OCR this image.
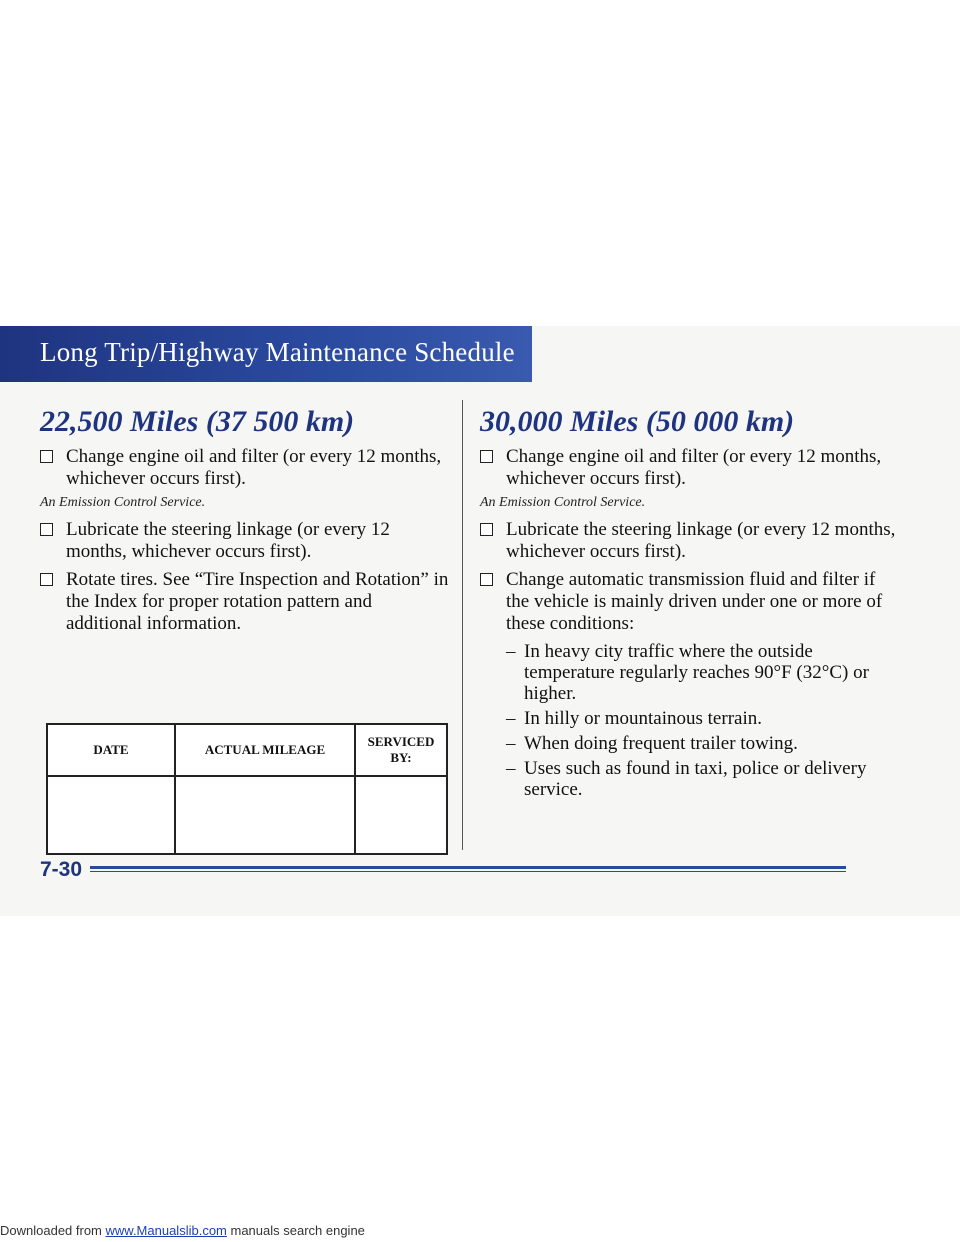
Long Trip/Highway Maintenance Schedule
22,500 Miles (37 500 km)
Change engine oil and filter (or every 12 months, whichever occurs first).
An Emission Control Service.
Lubricate the steering linkage (or every 12 months, whichever occurs first).
Rotate tires. See “Tire Inspection and Rotation” in the Index for proper rotation pattern and additional information.
DATE	ACTUAL MILEAGE	SERVICED BY:

30,000 Miles (50 000 km)
Change engine oil and filter (or every 12 months, whichever occurs first).
An Emission Control Service.
Lubricate the steering linkage (or every 12 months, whichever occurs first).
Change automatic transmission fluid and filter if the vehicle is mainly driven under one or more of these conditions:
– In heavy city traffic where the outside temperature regularly reaches 90°F (32°C) or higher.
– In hilly or mountainous terrain.
– When doing frequent trailer towing.
– Uses such as found in taxi, police or delivery service.
7-30
Downloaded from www.Manualslib.com manuals search engine
